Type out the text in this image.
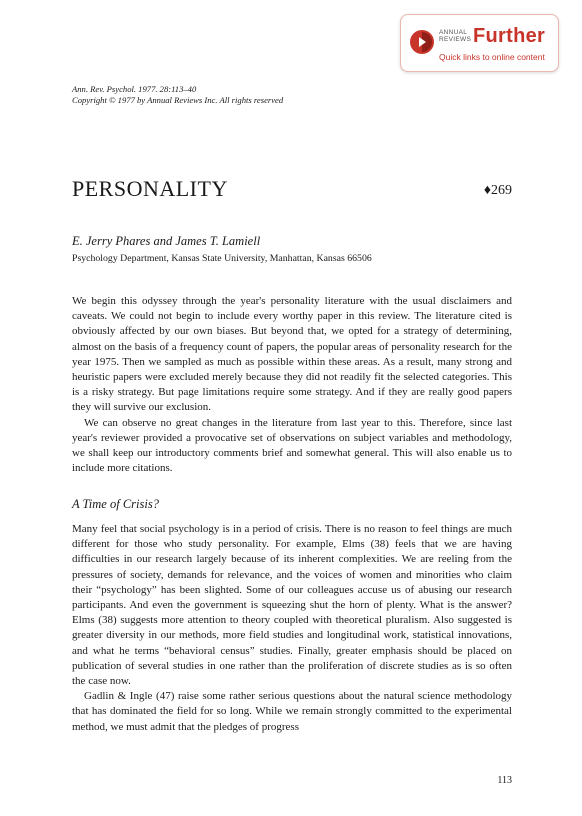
ANNUAL
REVIEWS Further
Quick links to online content
Ann. Rev. Psychol. 1977. 28:113–40
Copyright © 1977 by Annual Reviews Inc. All rights reserved
PERSONALITY	♦269
E. Jerry Phares and James T. Lamiell
Psychology Department, Kansas State University, Manhattan, Kansas 66506

We begin this odyssey through the year's personality literature with the usual disclaimers and caveats. We could not begin to include every worthy paper in this review. The literature cited is obviously affected by our own biases. But beyond that, we opted for a strategy of determining, almost on the basis of a frequency count of papers, the popular areas of personality research for the year 1975. Then we sampled as much as possible within these areas. As a result, many strong and heuristic papers were excluded merely because they did not readily fit the selected categories. This is a risky strategy. But page limitations require some strategy. And if they are really good papers they will survive our exclusion.

We can observe no great changes in the literature from last year to this. Therefore, since last year's reviewer provided a provocative set of observations on subject variables and methodology, we shall keep our introductory comments brief and somewhat general. This will also enable us to include more citations.

A Time of Crisis?

Many feel that social psychology is in a period of crisis. There is no reason to feel things are much different for those who study personality. For example, Elms (38) feels that we are having difficulties in our research largely because of its inherent complexities. We are reeling from the pressures of society, demands for relevance, and the voices of women and minorities who claim their “psychology” has been slighted. Some of our colleagues accuse us of abusing our research participants. And even the government is squeezing shut the horn of plenty. What is the answer? Elms (38) suggests more attention to theory coupled with theoretical pluralism. Also suggested is greater diversity in our methods, more field studies and longitudinal work, statistical innovations, and what he terms “behavioral census” studies. Finally, greater emphasis should be placed on publication of several studies in one rather than the proliferation of discrete studies as is so often the case now.

Gadlin & Ingle (47) raise some rather serious questions about the natural science methodology that has dominated the field for so long. While we remain strongly committed to the experimental method, we must admit that the pledges of progress

113
